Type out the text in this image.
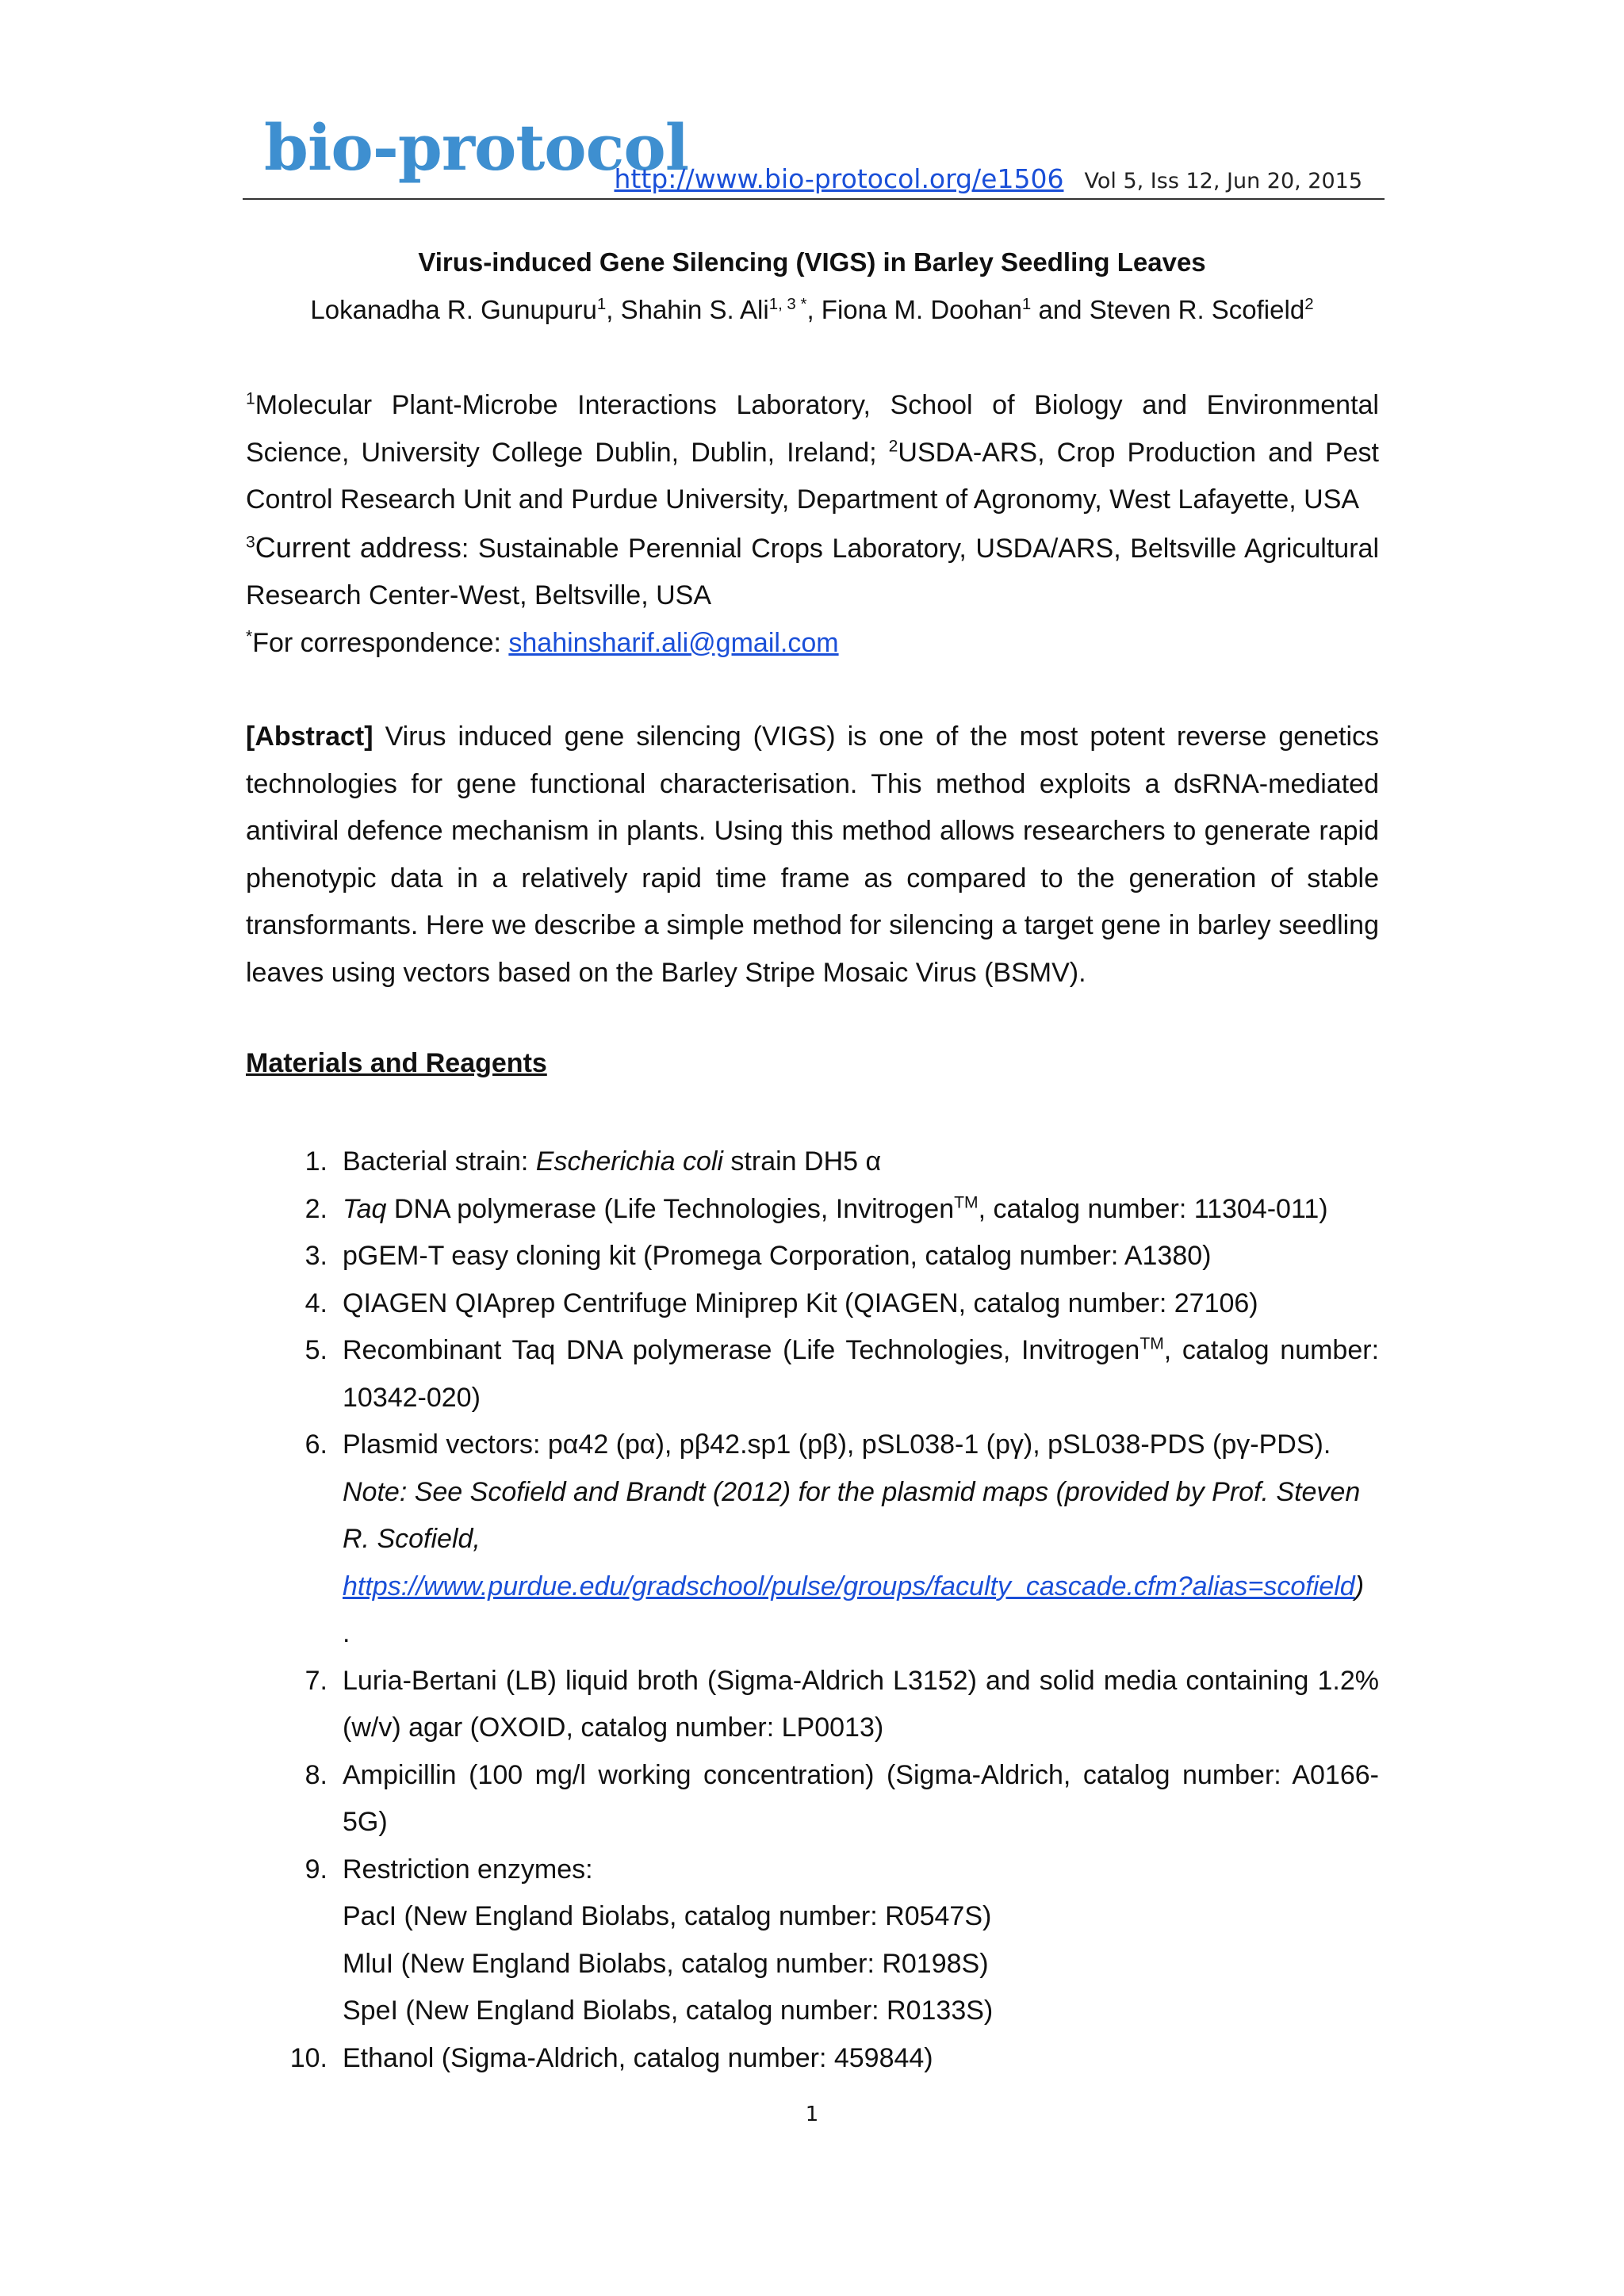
bio-protocol
http://www.bio-protocol.org/e1506 Vol 5, Iss 12, Jun 20, 2015
Virus-induced Gene Silencing (VIGS) in Barley Seedling Leaves
Lokanadha R. Gunupuru$^1$, Shahin S. Ali$^{1, 3 *}$, Fiona M. Doohan$^1$ and Steven R. Scofield$^2$
$^1$Molecular Plant-Microbe Interactions Laboratory, School of Biology and Environmental Science, University College Dublin, Dublin, Ireland; $^2$USDA-ARS, Crop Production and Pest Control Research Unit and Purdue University, Department of Agronomy, West Lafayette, USA
$^3$Current address: Sustainable Perennial Crops Laboratory, USDA/ARS, Beltsville Agricultural Research Center-West, Beltsville, USA
*For correspondence: shahinsharif.ali@gmail.com
[Abstract] Virus induced gene silencing (VIGS) is one of the most potent reverse genetics technologies for gene functional characterisation. This method exploits a dsRNA-mediated antiviral defence mechanism in plants. Using this method allows researchers to generate rapid phenotypic data in a relatively rapid time frame as compared to the generation of stable transformants. Here we describe a simple method for silencing a target gene in barley seedling leaves using vectors based on the Barley Stripe Mosaic Virus (BSMV).
Materials and Reagents
1. Bacterial strain: Escherichia coli strain DH5 α
2. Taq DNA polymerase (Life Technologies, Invitrogen™, catalog number: 11304-011)
3. pGEM-T easy cloning kit (Promega Corporation, catalog number: A1380)
4. QIAGEN QIAprep Centrifuge Miniprep Kit (QIAGEN, catalog number: 27106)
5. Recombinant Taq DNA polymerase (Life Technologies, Invitrogen™, catalog number: 10342-020)
6. Plasmid vectors: pα42 (pα), pβ42.sp1 (pβ), pSL038-1 (pγ), pSL038-PDS (pγ-PDS).
Note: See Scofield and Brandt (2012) for the plasmid maps (provided by Prof. Steven R. Scofield,
https://www.purdue.edu/gradschool/pulse/groups/faculty_cascade.cfm?alias=scofield)
.
7. Luria-Bertani (LB) liquid broth (Sigma-Aldrich L3152) and solid media containing 1.2% (w/v) agar (OXOID, catalog number: LP0013)
8. Ampicillin (100 mg/l working concentration) (Sigma-Aldrich, catalog number: A0166-5G)
9. Restriction enzymes:
PacI (New England Biolabs, catalog number: R0547S)
MluI (New England Biolabs, catalog number: R0198S)
SpeI (New England Biolabs, catalog number: R0133S)
10. Ethanol (Sigma-Aldrich, catalog number: 459844)
1
